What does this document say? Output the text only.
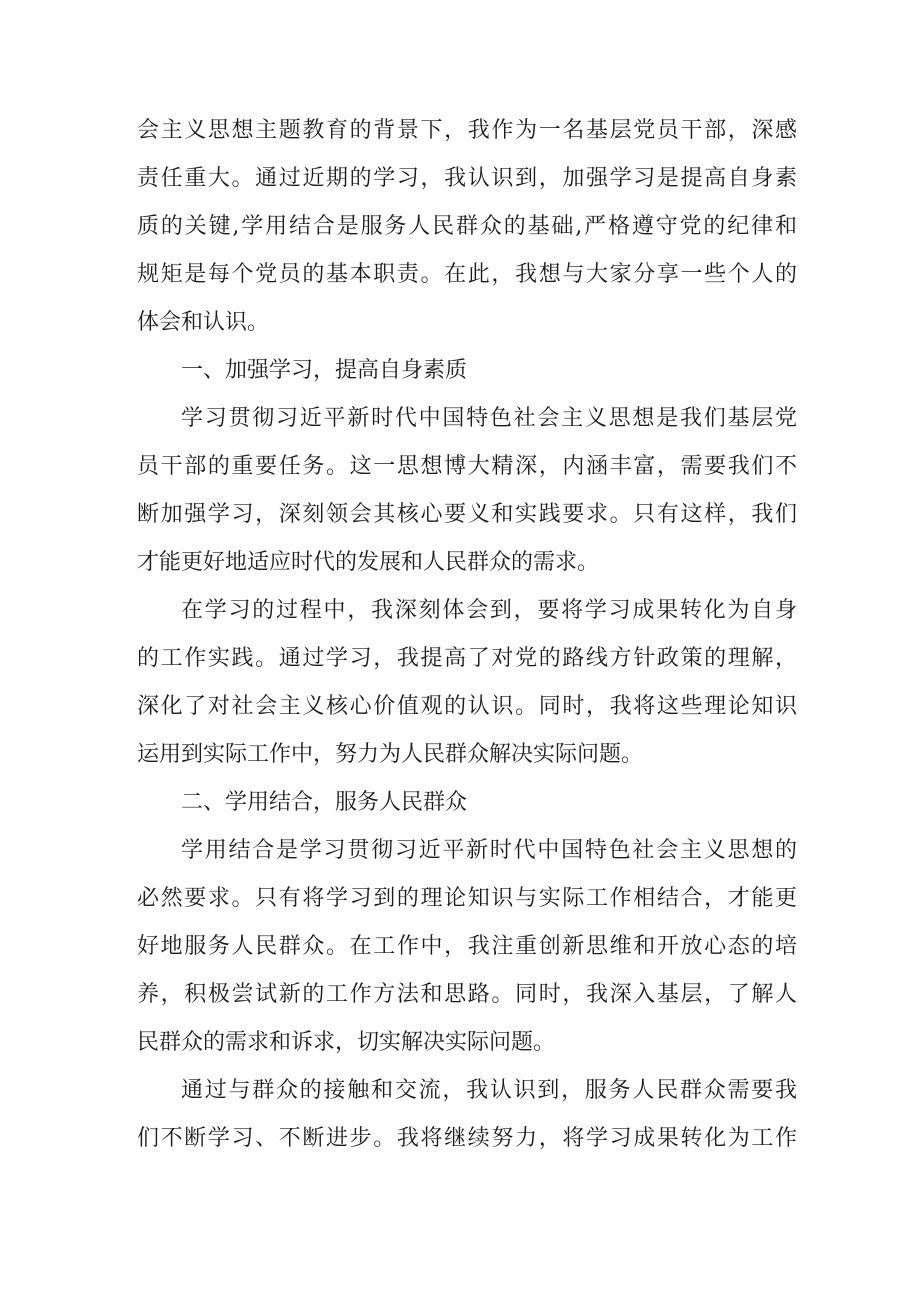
会主义思想主题教育的背景下，我作为一名基层党员干部，深感
责任重大。通过近期的学习，我认识到，加强学习是提高自身素
质的关键,学用结合是服务人民群众的基础,严格遵守党的纪律和
规矩是每个党员的基本职责。在此，我想与大家分享一些个人的
体会和认识。
一、加强学习，提高自身素质
学习贯彻习近平新时代中国特色社会主义思想是我们基层党
员干部的重要任务。这一思想博大精深，内涵丰富，需要我们不
断加强学习，深刻领会其核心要义和实践要求。只有这样，我们
才能更好地适应时代的发展和人民群众的需求。
在学习的过程中，我深刻体会到，要将学习成果转化为自身
的工作实践。通过学习，我提高了对党的路线方针政策的理解，
深化了对社会主义核心价值观的认识。同时，我将这些理论知识
运用到实际工作中，努力为人民群众解决实际问题。
二、学用结合，服务人民群众
学用结合是学习贯彻习近平新时代中国特色社会主义思想的
必然要求。只有将学习到的理论知识与实际工作相结合，才能更
好地服务人民群众。在工作中，我注重创新思维和开放心态的培
养，积极尝试新的工作方法和思路。同时，我深入基层，了解人
民群众的需求和诉求，切实解决实际问题。
通过与群众的接触和交流，我认识到，服务人民群众需要我
们不断学习、不断进步。我将继续努力，将学习成果转化为工作
